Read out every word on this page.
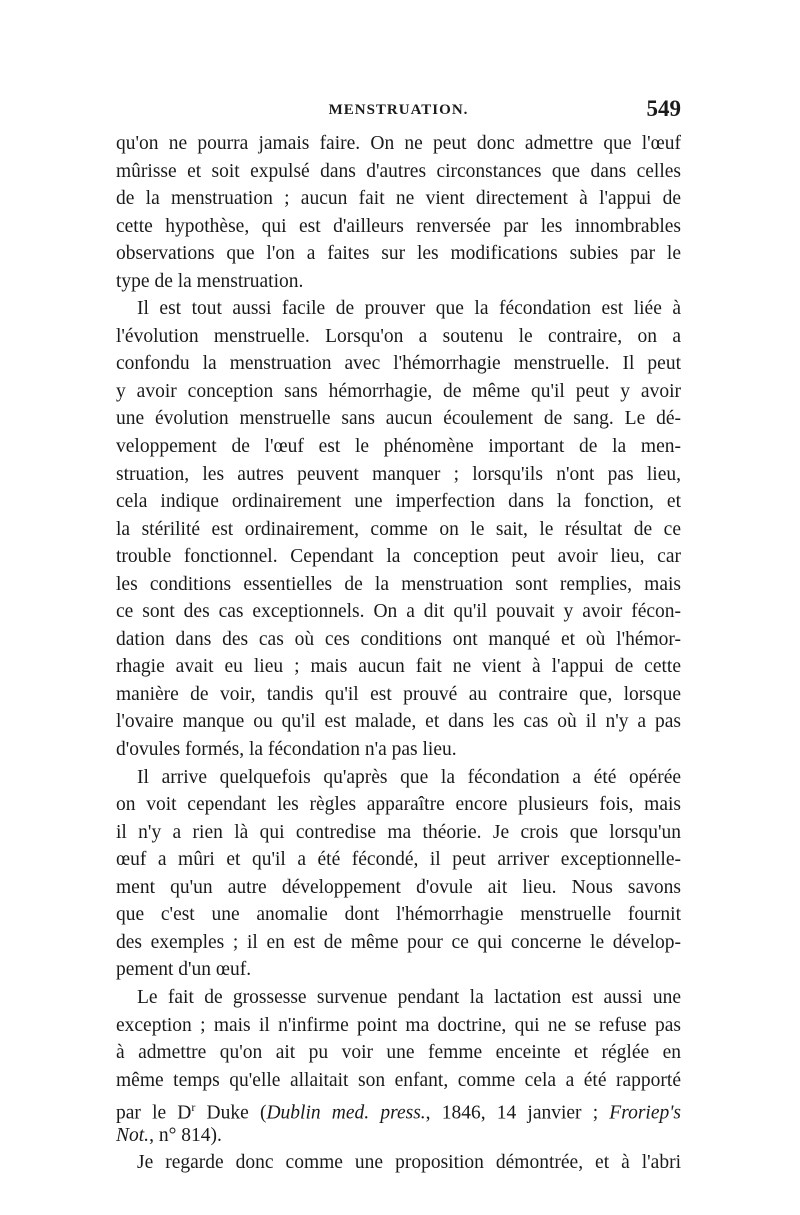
MENSTRUATION.	549
qu'on ne pourra jamais faire. On ne peut donc admettre que l'œuf
mûrisse et soit expulsé dans d'autres circonstances que dans celles
de la menstruation ; aucun fait ne vient directement à l'appui de
cette hypothèse, qui est d'ailleurs renversée par les innombrables
observations que l'on a faites sur les modifications subies par le
type de la menstruation.
Il est tout aussi facile de prouver que la fécondation est liée à
l'évolution menstruelle. Lorsqu'on a soutenu le contraire, on a
confondu la menstruation avec l'hémorrhagie menstruelle. Il peut
y avoir conception sans hémorrhagie, de même qu'il peut y avoir
une évolution menstruelle sans aucun écoulement de sang. Le dé-
veloppement de l'œuf est le phénomène important de la men-
struation, les autres peuvent manquer ; lorsqu'ils n'ont pas lieu,
cela indique ordinairement une imperfection dans la fonction, et
la stérilité est ordinairement, comme on le sait, le résultat de ce
trouble fonctionnel. Cependant la conception peut avoir lieu, car
les conditions essentielles de la menstruation sont remplies, mais
ce sont des cas exceptionnels. On a dit qu'il pouvait y avoir fécon-
dation dans des cas où ces conditions ont manqué et où l'hémor-
rhagie avait eu lieu ; mais aucun fait ne vient à l'appui de cette
manière de voir, tandis qu'il est prouvé au contraire que, lorsque
l'ovaire manque ou qu'il est malade, et dans les cas où il n'y a pas
d'ovules formés, la fécondation n'a pas lieu.
Il arrive quelquefois qu'après que la fécondation a été opérée
on voit cependant les règles apparaître encore plusieurs fois, mais
il n'y a rien là qui contredise ma théorie. Je crois que lorsqu'un
œuf a mûri et qu'il a été fécondé, il peut arriver exceptionnelle-
ment qu'un autre développement d'ovule ait lieu. Nous savons
que c'est une anomalie dont l'hémorrhagie menstruelle fournit
des exemples ; il en est de même pour ce qui concerne le dévelop-
pement d'un œuf.
Le fait de grossesse survenue pendant la lactation est aussi une
exception ; mais il n'infirme point ma doctrine, qui ne se refuse pas
à admettre qu'on ait pu voir une femme enceinte et réglée en
même temps qu'elle allaitait son enfant, comme cela a été rapporté
par le $D^r$ Duke (Dublin med. press., 1846, 14 janvier ; Froriep's
Not., n° 814).
Je regarde donc comme une proposition démontrée, et à l'abri
